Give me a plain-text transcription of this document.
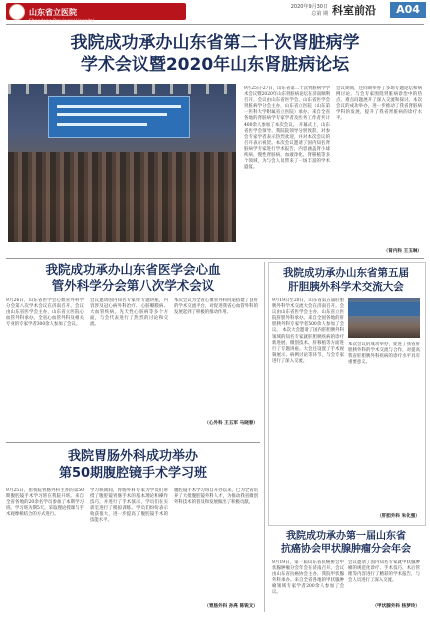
山东省立医院
Shandong Provincial Hospital
2020年9月30日
总第 期 科室前沿	A04
我院成功承办山东省第二十次肾脏病学
学术会议暨2020年山东肾脏病论坛
9月25日-27日，山东省第二十次肾脏病学学术会议暨2020年山东肾脏病论坛在济南顺利召开。会议由山东省医学会、山东省医学会肾脏病学分会主办，山东省立医院（山东第一医科大学附属省立医院）承办。来自全省各地的肾脏病学专家学者及医务工作者共计400余人参加了本次会议。 开幕式上，山东省医学会领导、我院院领导分别致辞，对参会专家学者表示热烈欢迎，并对本次会议的召开表示祝贺。本次会议邀请了国内知名肾脏病学专家进行学术报告，内容涵盖肾小球疾病、慢性肾脏病、血液净化、肾移植等多个领域，为与会人员带来了一场丰富的学术盛宴。
会议期间，还同期举办了多场专题论坛和病例讨论，与会专家围绕肾脏病诊治中的热点、难点问题展开了深入交流和探讨。本次会议的成功举办，进一步推动了我省肾脏病学科的发展，提升了我省肾脏病的诊疗水平。
（肾内科 王玉琳）
我院成功承办山东省医学会心血
管外科学分会第八次学术会议
9月26日，山东省医学会心血管外科学分会第八次学术会议在济南召开。会议由山东省医学会主办，山东省立医院心血管外科承办。全省心血管外科及相关专业的专家学者300余人参加了会议。
会议邀请国内知名专家作专题讲座，内容涉及冠心病外科治疗、心脏瓣膜病、大血管疾病、先天性心脏病等多个方面，与会代表进行了热烈的讨论和交流。
本次会议为全省心血管外科同道搭建了良好的学术交流平台，对促进我省心血管外科的发展起到了积极的推动作用。
（心外科 王五军 马晓春）
我院成功承办山东省第五届
肝胆胰外科学术交流大会
9月19日至20日，山东省第五届肝胆胰外科学术交流大会在济南召开。会议由山东省医学会主办，山东省立医院肝胆外科承办。来自全国各地的肝胆胰外科专家学者500余人参加了会议。 本次大会邀请了国内肝胆胰外科领域的知名专家就肝胆胰疾病的诊疗新进展、微创技术、肝移植等方面进行了专题讲座。大会还设置了手术视频展示、病例讨论等环节，与会专家进行了深入交流。
本次会议的成功举办，促进了我省肝胆胰外科的学术交流与合作，对提高我省肝胆胰外科疾病的诊疗水平具有重要意义。
（肝胆外科 朱化强）
我院胃肠外科成功举办
第50期腹腔镜手术学习班
9月25日，由我院胃肠外科主办的第50期腹腔镜手术学习班在我院开班。来自全省各地的20余名学员参加了本期学习班。学习班为期5天，采取理论授课与手术观摩相结合的方式进行。
学习班期间，胃肠外科专家为学员们讲授了腹腔镜胃肠手术的基本理论和操作技巧，并进行了手术演示，学员们在实训室进行了模拟训练。学员们纷纷表示收获很大，进一步提高了腹腔镜手术的技能水平。
腹腔镜手术学习班自开办以来，已为全省培养了大批腹腔镜外科人才，为推动我省微创外科技术的普及和发展做出了积极贡献。
（胃肠外科 孙亮 陈锐文）
我院成功承办第一届山东省
抗癌协会甲状腺肿瘤分会年会
9月19日，第一届山东省抗癌协会甲状腺肿瘤分会年会在济南召开。会议由山东省抗癌协会主办，我院甲状腺外科承办。来自全省各地的甲状腺肿瘤领域专家学者200余人参加了会议。
会议邀请了国内知名专家就甲状腺肿瘤的规范化诊疗、手术技巧、术后管理等内容进行了精彩的学术报告，与会人员进行了深入交流。
（甲状腺外科 杨梦玲）
